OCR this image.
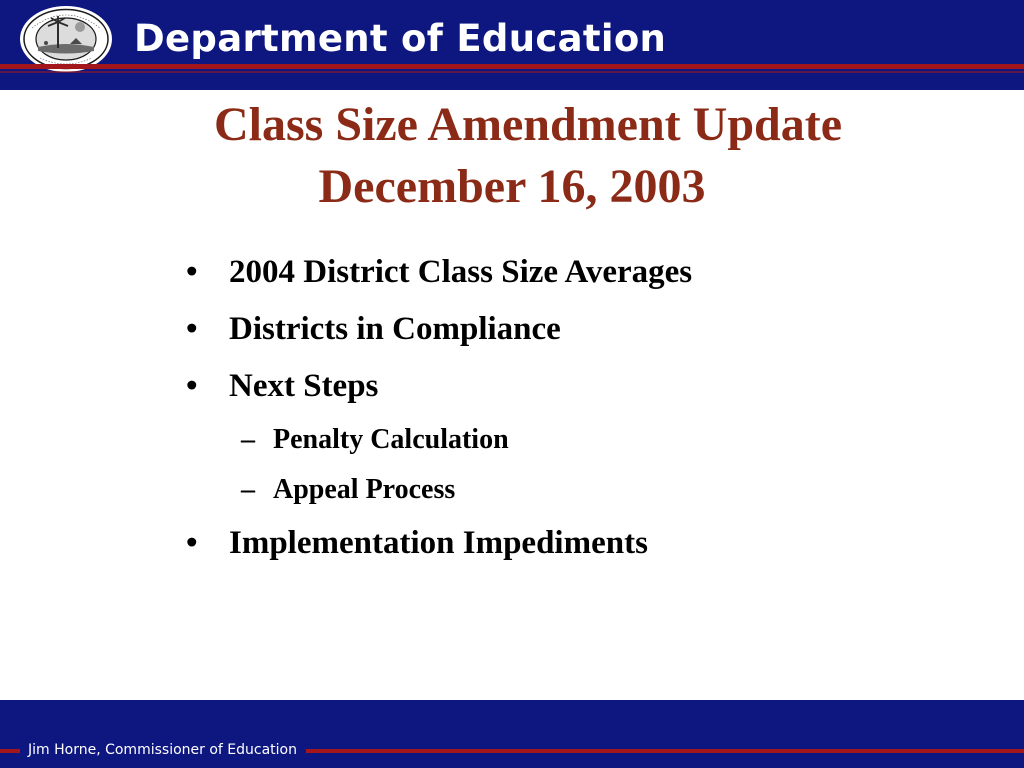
Department of Education
Class Size Amendment Update
December 16, 2003
• 2004 District Class Size Averages
• Districts in Compliance
• Next Steps
– Penalty Calculation
– Appeal Process
• Implementation Impediments
Jim Horne, Commissioner of Education
